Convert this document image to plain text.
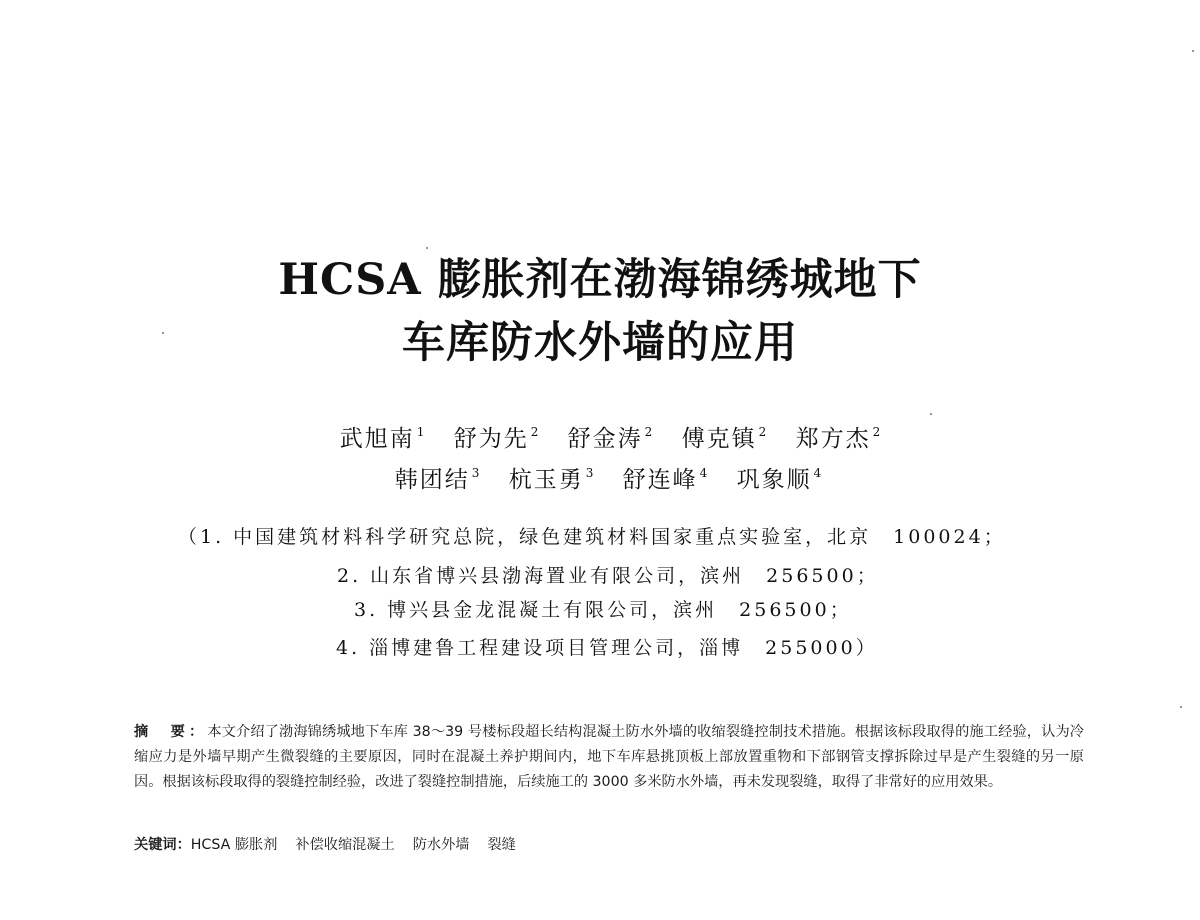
HCSA 膨胀剂在渤海锦绣城地下
车库防水外墙的应用
武旭南 $^1$ 舒为先 $^2$ 舒金涛 $^2$ 傅克镇 $^2$ 郑方杰 $^2$
韩团结 $^3$ 杭玉勇 $^3$ 舒连峰 $^4$ 巩象顺 $^4$
（1. 中国建筑材料科学研究总院，绿色建筑材料国家重点实验室，北京　100024；
2. 山东省博兴县渤海置业有限公司，滨州　256500；
3. 博兴县金龙混凝土有限公司，滨州　256500；
4. 淄博建鲁工程建设项目管理公司，淄博　255000）
摘　要：本文介绍了渤海锦绣城地下车库 38～39 号楼标段超长结构混凝土防水外墙的收缩裂缝控制技术措施。根据该标段取得的施工经验，认为冷缩应力是外墙早期产生微裂缝的主要原因，同时在混凝土养护期间内，地下车库悬挑顶板上部放置重物和下部钢管支撑拆除过早是产生裂缝的另一原因。根据该标段取得的裂缝控制经验，改进了裂缝控制措施，后续施工的 3000 多米防水外墙，再未发现裂缝，取得了非常好的应用效果。
关键词：HCSA 膨胀剂 补偿收缩混凝土 防水外墙 裂缝
